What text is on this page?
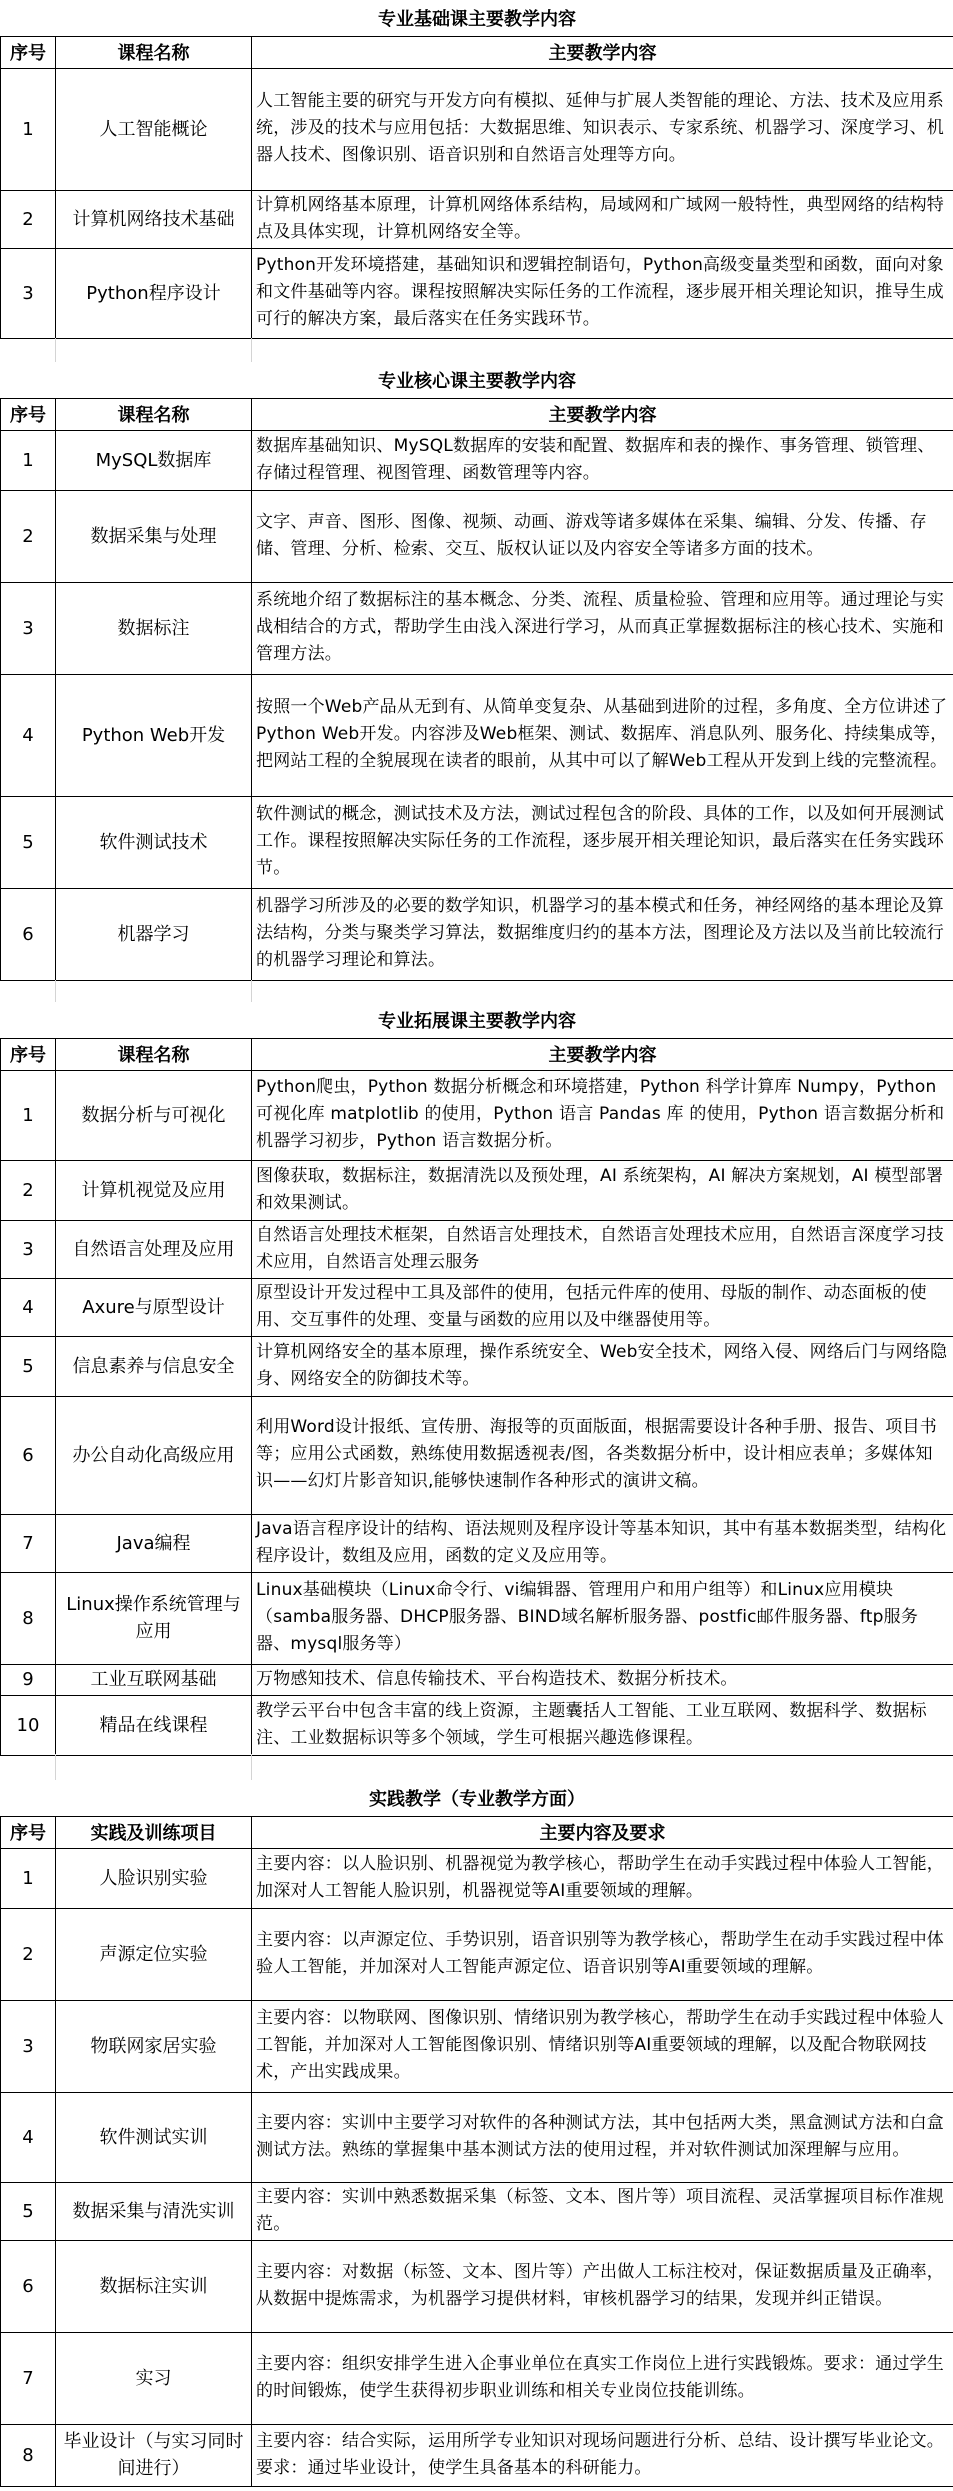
专业基础课主要教学内容		
序号	课程名称	主要教学内容
1	人工智能概论	人工智能主要的研究与开发方向有模拟、延伸与扩展人类智能的理论、方法、技术及应用系统，涉及的技术与应用包括：大数据思维、知识表示、专家系统、机器学习、深度学习、机器人技术、图像识别、语音识别和自然语言处理等方向。
2	计算机网络技术基础	计算机网络基本原理，计算机网络体系结构，局域网和广域网一般特性，典型网络的结构特点及具体实现，计算机网络安全等。
3	Python程序设计	Python开发环境搭建，基础知识和逻辑控制语句，Python高级变量类型和函数，面向对象和文件基础等内容。课程按照解决实际任务的工作流程，逐步展开相关理论知识，推导生成可行的解决方案，最后落实在任务实践环节。
专业核心课主要教学内容		
序号	课程名称	主要教学内容
1	MySQL数据库	数据库基础知识、MySQL数据库的安装和配置、数据库和表的操作、事务管理、锁管理、存储过程管理、视图管理、函数管理等内容。
2	数据采集与处理	文字、声音、图形、图像、视频、动画、游戏等诸多媒体在采集、编辑、分发、传播、存储、管理、分析、检索、交互、版权认证以及内容安全等诸多方面的技术。
3	数据标注	系统地介绍了数据标注的基本概念、分类、流程、质量检验、管理和应用等。通过理论与实战相结合的方式，帮助学生由浅入深进行学习，从而真正掌握数据标注的核心技术、实施和管理方法。
4	Python Web开发	按照一个Web产品从无到有、从简单变复杂、从基础到进阶的过程，多角度、全方位讲述了Python Web开发。内容涉及Web框架、测试、数据库、消息队列、服务化、持续集成等，把网站工程的全貌展现在读者的眼前，从其中可以了解Web工程从开发到上线的完整流程。
5	软件测试技术	软件测试的概念，测试技术及方法，测试过程包含的阶段、具体的工作，以及如何开展测试工作。课程按照解决实际任务的工作流程，逐步展开相关理论知识，最后落实在任务实践环节。
6	机器学习	机器学习所涉及的必要的数学知识，机器学习的基本模式和任务，神经网络的基本理论及算法结构，分类与聚类学习算法，数据维度归约的基本方法，图理论及方法以及当前比较流行的机器学习理论和算法。
专业拓展课主要教学内容		
序号	课程名称	主要教学内容
1	数据分析与可视化	Python爬虫，Python 数据分析概念和环境搭建，Python 科学计算库 Numpy，Python 可视化库 matplotlib 的使用，Python 语言 Pandas 库 的使用，Python 语言数据分析和机器学习初步，Python 语言数据分析。
2	计算机视觉及应用	图像获取，数据标注，数据清洗以及预处理，AI 系统架构，AI 解决方案规划，AI 模型部署和效果测试。
3	自然语言处理及应用	自然语言处理技术框架，自然语言处理技术，自然语言处理技术应用，自然语言深度学习技术应用，自然语言处理云服务
4	Axure与原型设计	原型设计开发过程中工具及部件的使用，包括元件库的使用、母版的制作、动态面板的使用、交互事件的处理、变量与函数的应用以及中继器使用等。
5	信息素养与信息安全	计算机网络安全的基本原理，操作系统安全、Web安全技术，网络入侵、网络后门与网络隐身、网络安全的防御技术等。
6	办公自动化高级应用	利用Word设计报纸、宣传册、海报等的页面版面，根据需要设计各种手册、报告、项目书等；应用公式函数，熟练使用数据透视表/图，各类数据分析中，设计相应表单；多媒体知识——幻灯片影音知识,能够快速制作各种形式的演讲文稿。
7	Java编程	Java语言程序设计的结构、语法规则及程序设计等基本知识，其中有基本数据类型，结构化程序设计，数组及应用，函数的定义及应用等。
8	Linux操作系统管理与应用	Linux基础模块（Linux命令行、vi编辑器、管理用户和用户组等）和Linux应用模块（samba服务器、DHCP服务器、BIND域名解析服务器、postfic邮件服务器、ftp服务器、mysql服务等）
9	工业互联网基础	万物感知技术、信息传输技术、平台构造技术、数据分析技术。
10	精品在线课程	教学云平台中包含丰富的线上资源，主题囊括人工智能、工业互联网、数据科学、数据标注、工业数据标识等多个领域，学生可根据兴趣选修课程。
实践教学（专业教学方面）		
序号	实践及训练项目	主要内容及要求
1	人脸识别实验	主要内容：以人脸识别、机器视觉为教学核心，帮助学生在动手实践过程中体验人工智能，加深对人工智能人脸识别，机器视觉等AI重要领域的理解。
2	声源定位实验	主要内容：以声源定位、手势识别，语音识别等为教学核心，帮助学生在动手实践过程中体验人工智能，并加深对人工智能声源定位、语音识别等AI重要领域的理解。
3	物联网家居实验	主要内容：以物联网、图像识别、情绪识别为教学核心，帮助学生在动手实践过程中体验人工智能，并加深对人工智能图像识别、情绪识别等AI重要领域的理解，以及配合物联网技术，产出实践成果。
4	软件测试实训	主要内容：实训中主要学习对软件的各种测试方法，其中包括两大类，黑盒测试方法和白盒测试方法。熟练的掌握集中基本测试方法的使用过程，并对软件测试加深理解与应用。
5	数据采集与清洗实训	主要内容：实训中熟悉数据采集（标签、文本、图片等）项目流程、灵活掌握项目标作准规范。
6	数据标注实训	主要内容：对数据（标签、文本、图片等）产出做人工标注校对，保证数据质量及正确率，从数据中提炼需求，为机器学习提供材料，审核机器学习的结果，发现并纠正错误。
7	实习	主要内容：组织安排学生进入企事业单位在真实工作岗位上进行实践锻炼。要求：通过学生的时间锻炼，使学生获得初步职业训练和相关专业岗位技能训练。
8	毕业设计（与实习同时间进行）	主要内容：结合实际，运用所学专业知识对现场问题进行分析、总结、设计撰写毕业论文。要求：通过毕业设计，使学生具备基本的科研能力。
